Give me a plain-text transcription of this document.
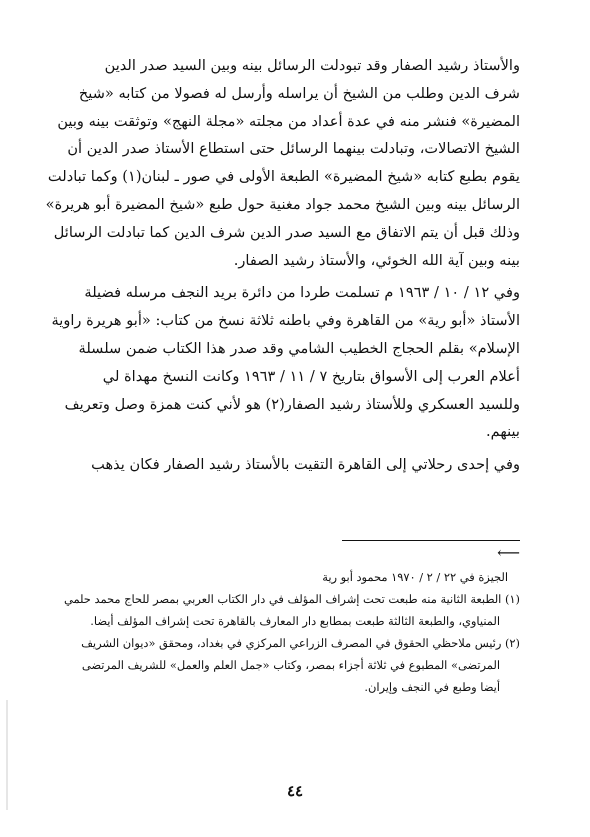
والأستاذ رشيد الصفار وقد تبودلت الرسائل بينه وبين السيد صدر الدين
شرف الدين وطلب من الشيخ أن يراسله وأرسل له فصولا من كتابه «شيخ
المضيرة» فنشر منه في عدة أعداد من مجلته «مجلة النهج» وتوثقت بينه وبين
الشيخ الاتصالات، وتبادلت بينهما الرسائل حتى استطاع الأستاذ صدر الدين أن
يقوم بطبع كتابه «شيخ المضيرة» الطبعة الأولى في صور ـ لبنان(١) وكما تبادلت
الرسائل بينه وبين الشيخ محمد جواد مغنية حول طبع «شيخ المضيرة أبو هريرة»
وذلك قبل أن يتم الاتفاق مع السيد صدر الدين شرف الدين كما تبادلت الرسائل
بينه وبين آية الله الخوئي، والأستاذ رشيد الصفار.

وفي ١٢ / ١٠ / ١٩٦٣ م تسلمت طردا من دائرة بريد النجف مرسله فضيلة
الأستاذ «أبو رية» من القاهرة وفي باطنه ثلاثة نسخ من كتاب: «أبو هريرة راوية
الإسلام» بقلم الحجاج الخطيب الشامي وقد صدر هذا الكتاب ضمن سلسلة
أعلام العرب إلى الأسواق بتاريخ ٧ / ١١ / ١٩٦٣ وكانت النسخ مهداة لي
وللسيد العسكري وللأستاذ رشيد الصفار(٢) هو لأني كنت همزة وصل وتعريف
بينهم.

وفي إحدى رحلاتي إلى القاهرة التقيت بالأستاذ رشيد الصفار فكان يذهب

⟵
الجيزة في ٢٢ / ٢ / ١٩٧٠ محمود أبو رية
(١) الطبعة الثانية منه طبعت تحت إشراف المؤلف في دار الكتاب العربي بمصر للحاج محمد حلمي
المنياوي، والطبعة الثالثة طبعت بمطابع دار المعارف بالقاهرة تحت إشراف المؤلف أيضا.
(٢) رئيس ملاحظي الحقوق في المصرف الزراعي المركزي في بغداد، ومحقق «ديوان الشريف
المرتضى» المطبوع في ثلاثة أجزاء بمصر، وكتاب «جمل العلم والعمل» للشريف المرتضى
أيضا وطبع في النجف وإيران.
٤٤
